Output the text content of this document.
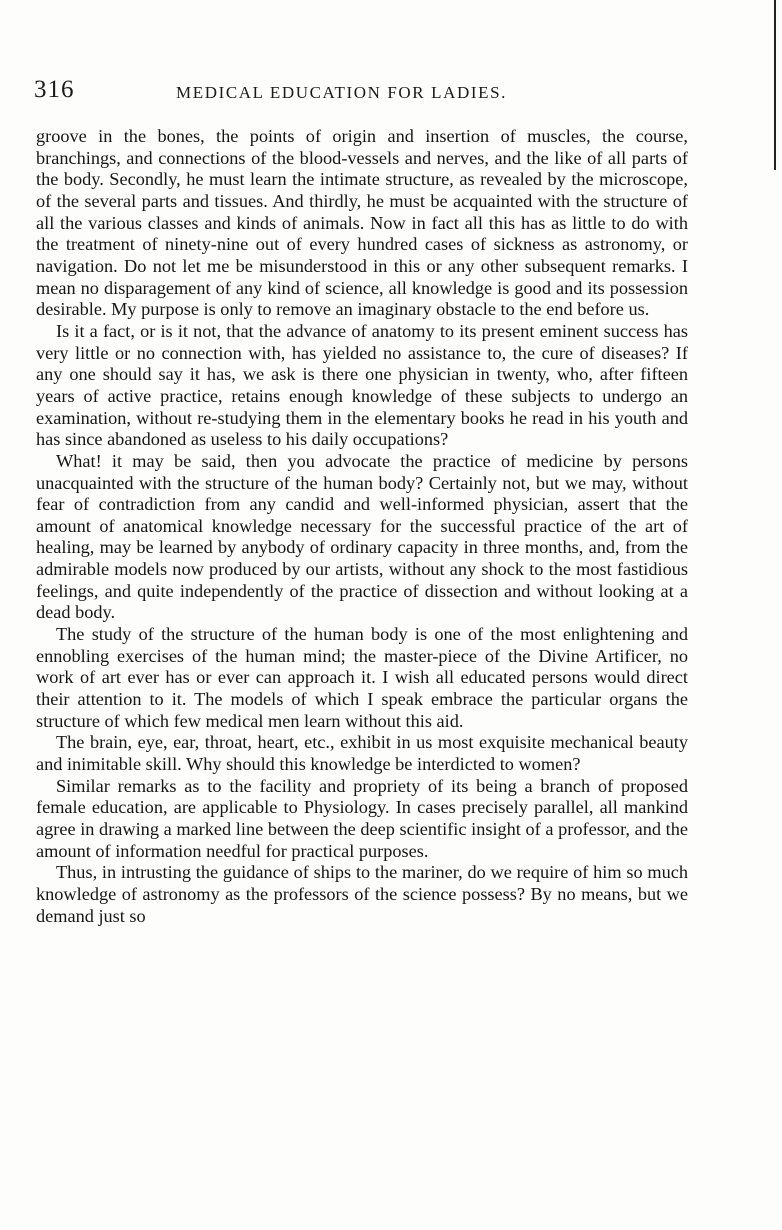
316	MEDICAL EDUCATION FOR LADIES.

groove in the bones, the points of origin and insertion of muscles, the course, branchings, and connections of the blood-vessels and nerves, and the like of all parts of the body. Secondly, he must learn the intimate structure, as revealed by the microscope, of the several parts and tissues. And thirdly, he must be acquainted with the structure of all the various classes and kinds of animals. Now in fact all this has as little to do with the treatment of ninety-nine out of every hundred cases of sickness as astronomy, or navigation. Do not let me be misunderstood in this or any other subsequent remarks. I mean no disparagement of any kind of science, all knowledge is good and its possession desirable. My purpose is only to remove an imaginary obstacle to the end before us.

Is it a fact, or is it not, that the advance of anatomy to its present eminent success has very little or no connection with, has yielded no assistance to, the cure of diseases? If any one should say it has, we ask is there one physician in twenty, who, after fifteen years of active practice, retains enough knowledge of these subjects to undergo an examination, without re-studying them in the elementary books he read in his youth and has since abandoned as useless to his daily occupations?

What! it may be said, then you advocate the practice of medicine by persons unacquainted with the structure of the human body? Certainly not, but we may, without fear of contradiction from any candid and well-informed physician, assert that the amount of anatomical knowledge necessary for the successful practice of the art of healing, may be learned by anybody of ordinary capacity in three months, and, from the admirable models now produced by our artists, without any shock to the most fastidious feelings, and quite independently of the practice of dissection and without looking at a dead body.

The study of the structure of the human body is one of the most enlightening and ennobling exercises of the human mind; the master-piece of the Divine Artificer, no work of art ever has or ever can approach it. I wish all educated persons would direct their attention to it. The models of which I speak embrace the particular organs the structure of which few medical men learn without this aid.

The brain, eye, ear, throat, heart, etc., exhibit in us most exquisite mechanical beauty and inimitable skill. Why should this knowledge be interdicted to women?

Similar remarks as to the facility and propriety of its being a branch of proposed female education, are applicable to Physiology. In cases precisely parallel, all mankind agree in drawing a marked line between the deep scientific insight of a professor, and the amount of information needful for practical purposes.

Thus, in intrusting the guidance of ships to the mariner, do we require of him so much knowledge of astronomy as the professors of the science possess? By no means, but we demand just so
